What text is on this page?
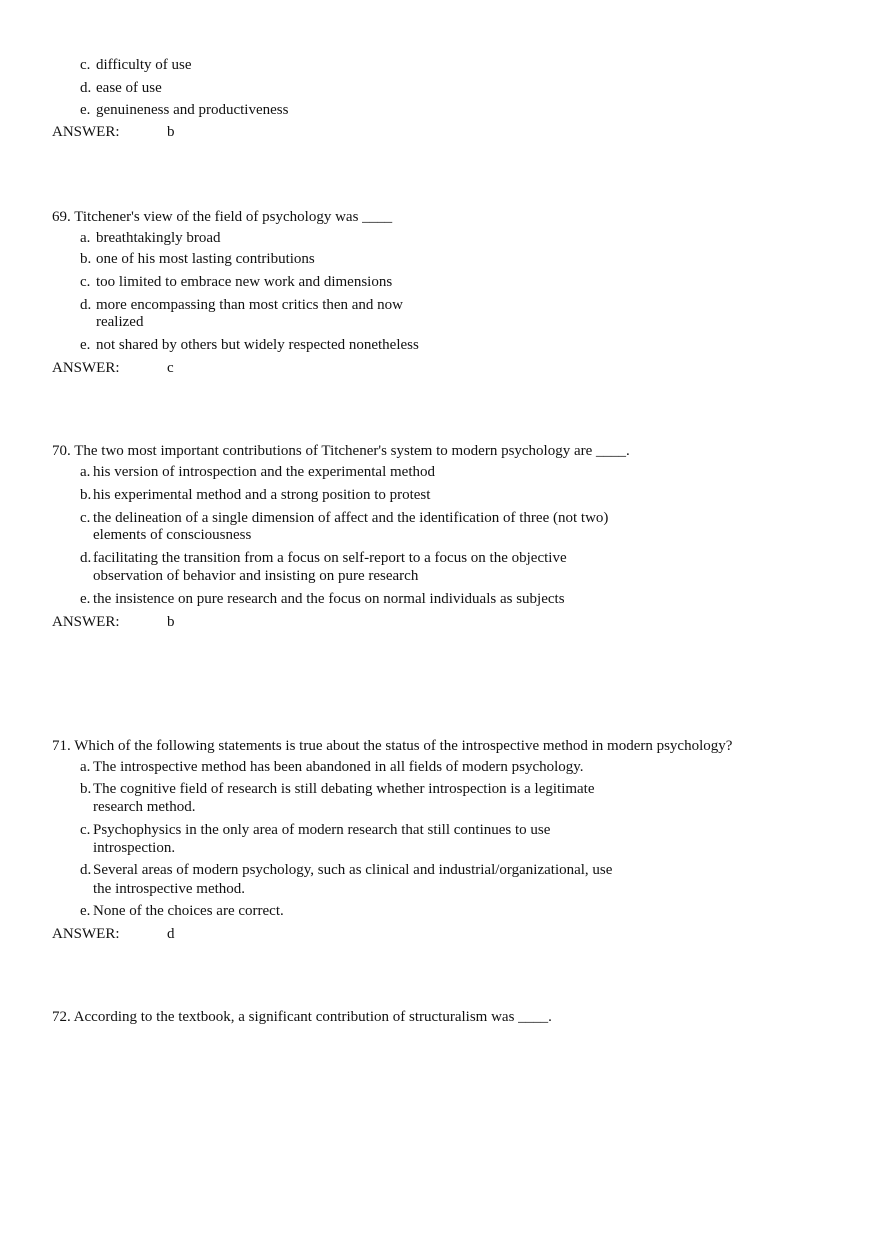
c. difficulty of use
d. ease of use
e. genuineness and productiveness
ANSWER:	b
69. Titchener's view of the field of psychology was ____
a. breathtakingly broad
b. one of his most lasting contributions
c. too limited to embrace new work and dimensions
d. more encompassing than most critics then and now
realized
e. not shared by others but widely respected nonetheless
ANSWER:	c
70. The two most important contributions of Titchener's system to modern psychology are ____.
a. his version of introspection and the experimental method
b. his experimental method and a strong position to protest
c. the delineation of a single dimension of affect and the identification of three (not two)
elements of consciousness
d. facilitating the transition from a focus on self-report to a focus on the objective
observation of behavior and insisting on pure research
e. the insistence on pure research and the focus on normal individuals as subjects
ANSWER:	b
71. Which of the following statements is true about the status of the introspective method in modern psychology?
a. The introspective method has been abandoned in all fields of modern psychology.
b. The cognitive field of research is still debating whether introspection is a legitimate
research method.
c. Psychophysics in the only area of modern research that still continues to use
introspection.
d. Several areas of modern psychology, such as clinical and industrial/organizational, use
the introspective method.
e. None of the choices are correct.
ANSWER:	d
72. According to the textbook, a significant contribution of structuralism was ____.
